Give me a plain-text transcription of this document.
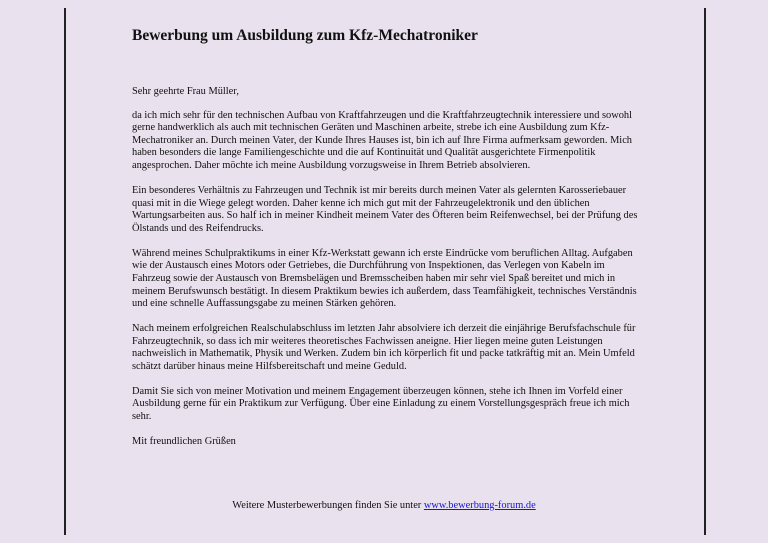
Bewerbung um Ausbildung zum Kfz-Mechatroniker

Sehr geehrte Frau Müller,

da ich mich sehr für den technischen Aufbau von Kraftfahrzeugen und die Kraftfahrzeugtechnik interessiere und sowohl gerne handwerklich als auch mit technischen Geräten und Maschinen arbeite, strebe ich eine Ausbildung zum Kfz-Mechatroniker an. Durch meinen Vater, der Kunde Ihres Hauses ist, bin ich auf Ihre Firma aufmerksam geworden. Mich haben besonders die lange Familiengeschichte und die auf Kontinuität und Qualität ausgerichtete Firmenpolitik angesprochen. Daher möchte ich meine Ausbildung vorzugsweise in Ihrem Betrieb absolvieren.

Ein besonderes Verhältnis zu Fahrzeugen und Technik ist mir bereits durch meinen Vater als gelernten Karosseriebauer quasi mit in die Wiege gelegt worden. Daher kenne ich mich gut mit der Fahrzeugelektronik und den üblichen Wartungsarbeiten aus. So half ich in meiner Kindheit meinem Vater des Öfteren beim Reifenwechsel, bei der Prüfung des Ölstands und des Reifendrucks.

Während meines Schulpraktikums in einer Kfz-Werkstatt gewann ich erste Eindrücke vom beruflichen Alltag. Aufgaben wie der Austausch eines Motors oder Getriebes, die Durchführung von Inspektionen, das Verlegen von Kabeln im Fahrzeug sowie der Austausch von Bremsbelägen und Bremsscheiben haben mir sehr viel Spaß bereitet und mich in meinem Berufswunsch bestätigt. In diesem Praktikum bewies ich außerdem, dass Teamfähigkeit, technisches Verständnis und eine schnelle Auffassungsgabe zu meinen Stärken gehören.

Nach meinem erfolgreichen Realschulabschluss im letzten Jahr absolviere ich derzeit die einjährige Berufsfachschule für Fahrzeugtechnik, so dass ich mir weiteres theoretisches Fachwissen aneigne. Hier liegen meine guten Leistungen nachweislich in Mathematik, Physik und Werken. Zudem bin ich körperlich fit und packe tatkräftig mit an. Mein Umfeld schätzt darüber hinaus meine Hilfsbereitschaft und meine Geduld.

Damit Sie sich von meiner Motivation und meinem Engagement überzeugen können, stehe ich Ihnen im Vorfeld einer Ausbildung gerne für ein Praktikum zur Verfügung. Über eine Einladung zu einem Vorstellungsgespräch freue ich mich sehr.

Mit freundlichen Grüßen

Weitere Musterbewerbungen finden Sie unter www.bewerbung-forum.de
